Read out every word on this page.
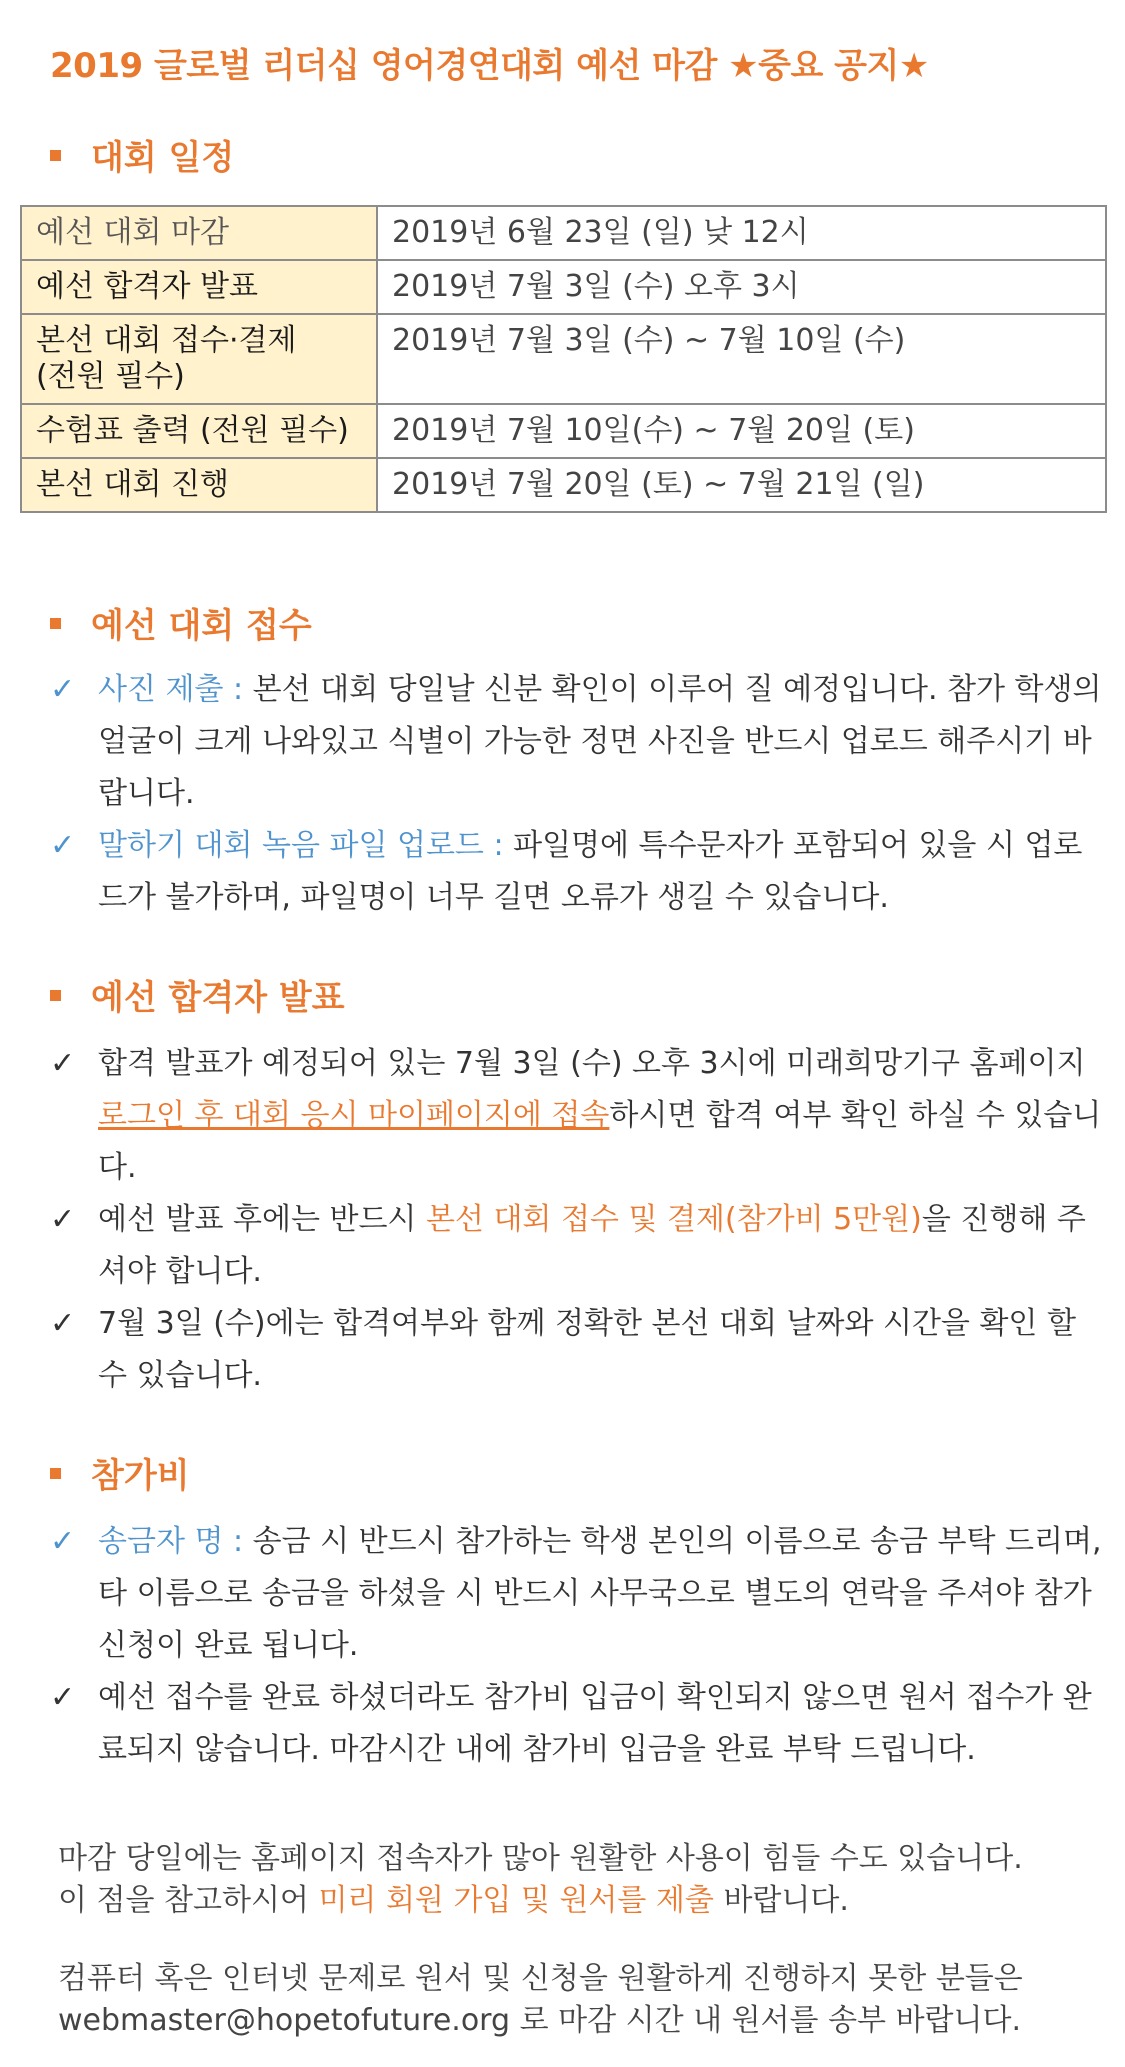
2019 글로벌 리더십 영어경연대회 예선 마감 ★중요 공지★
대회 일정
예선 대회 마감	2019년 6월 23일 (일) 낮 12시
예선 합격자 발표	2019년 7월 3일 (수) 오후 3시

본선 대회 접수·결제
(전원 필수)	2019년 7월 3일 (수) ~ 7월 10일 (수)
수험표 출력 (전원 필수)	2019년 7월 10일(수) ~ 7월 20일 (토)
본선 대회 진행	2019년 7월 20일 (토) ~ 7월 21일 (일)
예선 대회 접수
✓ 사진 제출 : 본선 대회 당일날 신분 확인이 이루어 질 예정입니다. 참가 학생의 얼굴이 크게 나와있고 식별이 가능한 정면 사진을 반드시 업로드 해주시기 바랍니다.
✓ 말하기 대회 녹음 파일 업로드 : 파일명에 특수문자가 포함되어 있을 시 업로드가 불가하며, 파일명이 너무 길면 오류가 생길 수 있습니다.
예선 합격자 발표
✓ 합격 발표가 예정되어 있는 7월 3일 (수) 오후 3시에 미래희망기구 홈페이지 로그인 후 대회 응시 마이페이지에 접속하시면 합격 여부 확인 하실 수 있습니다.
✓ 예선 발표 후에는 반드시 본선 대회 접수 및 결제(참가비 5만원)을 진행해 주셔야 합니다.
✓ 7월 3일 (수)에는 합격여부와 함께 정확한 본선 대회 날짜와 시간을 확인 할 수 있습니다.
참가비
✓ 송금자 명 : 송금 시 반드시 참가하는 학생 본인의 이름으로 송금 부탁 드리며, 타 이름으로 송금을 하셨을 시 반드시 사무국으로 별도의 연락을 주셔야 참가 신청이 완료 됩니다.
✓ 예선 접수를 완료 하셨더라도 참가비 입금이 확인되지 않으면 원서 접수가 완료되지 않습니다. 마감시간 내에 참가비 입금을 완료 부탁 드립니다.
마감 당일에는 홈페이지 접속자가 많아 원활한 사용이 힘들 수도 있습니다.
이 점을 참고하시어 미리 회원 가입 및 원서를 제출 바랍니다.
컴퓨터 혹은 인터넷 문제로 원서 및 신청을 원활하게 진행하지 못한 분들은
webmaster@hopetofuture.org 로 마감 시간 내 원서를 송부 바랍니다.
